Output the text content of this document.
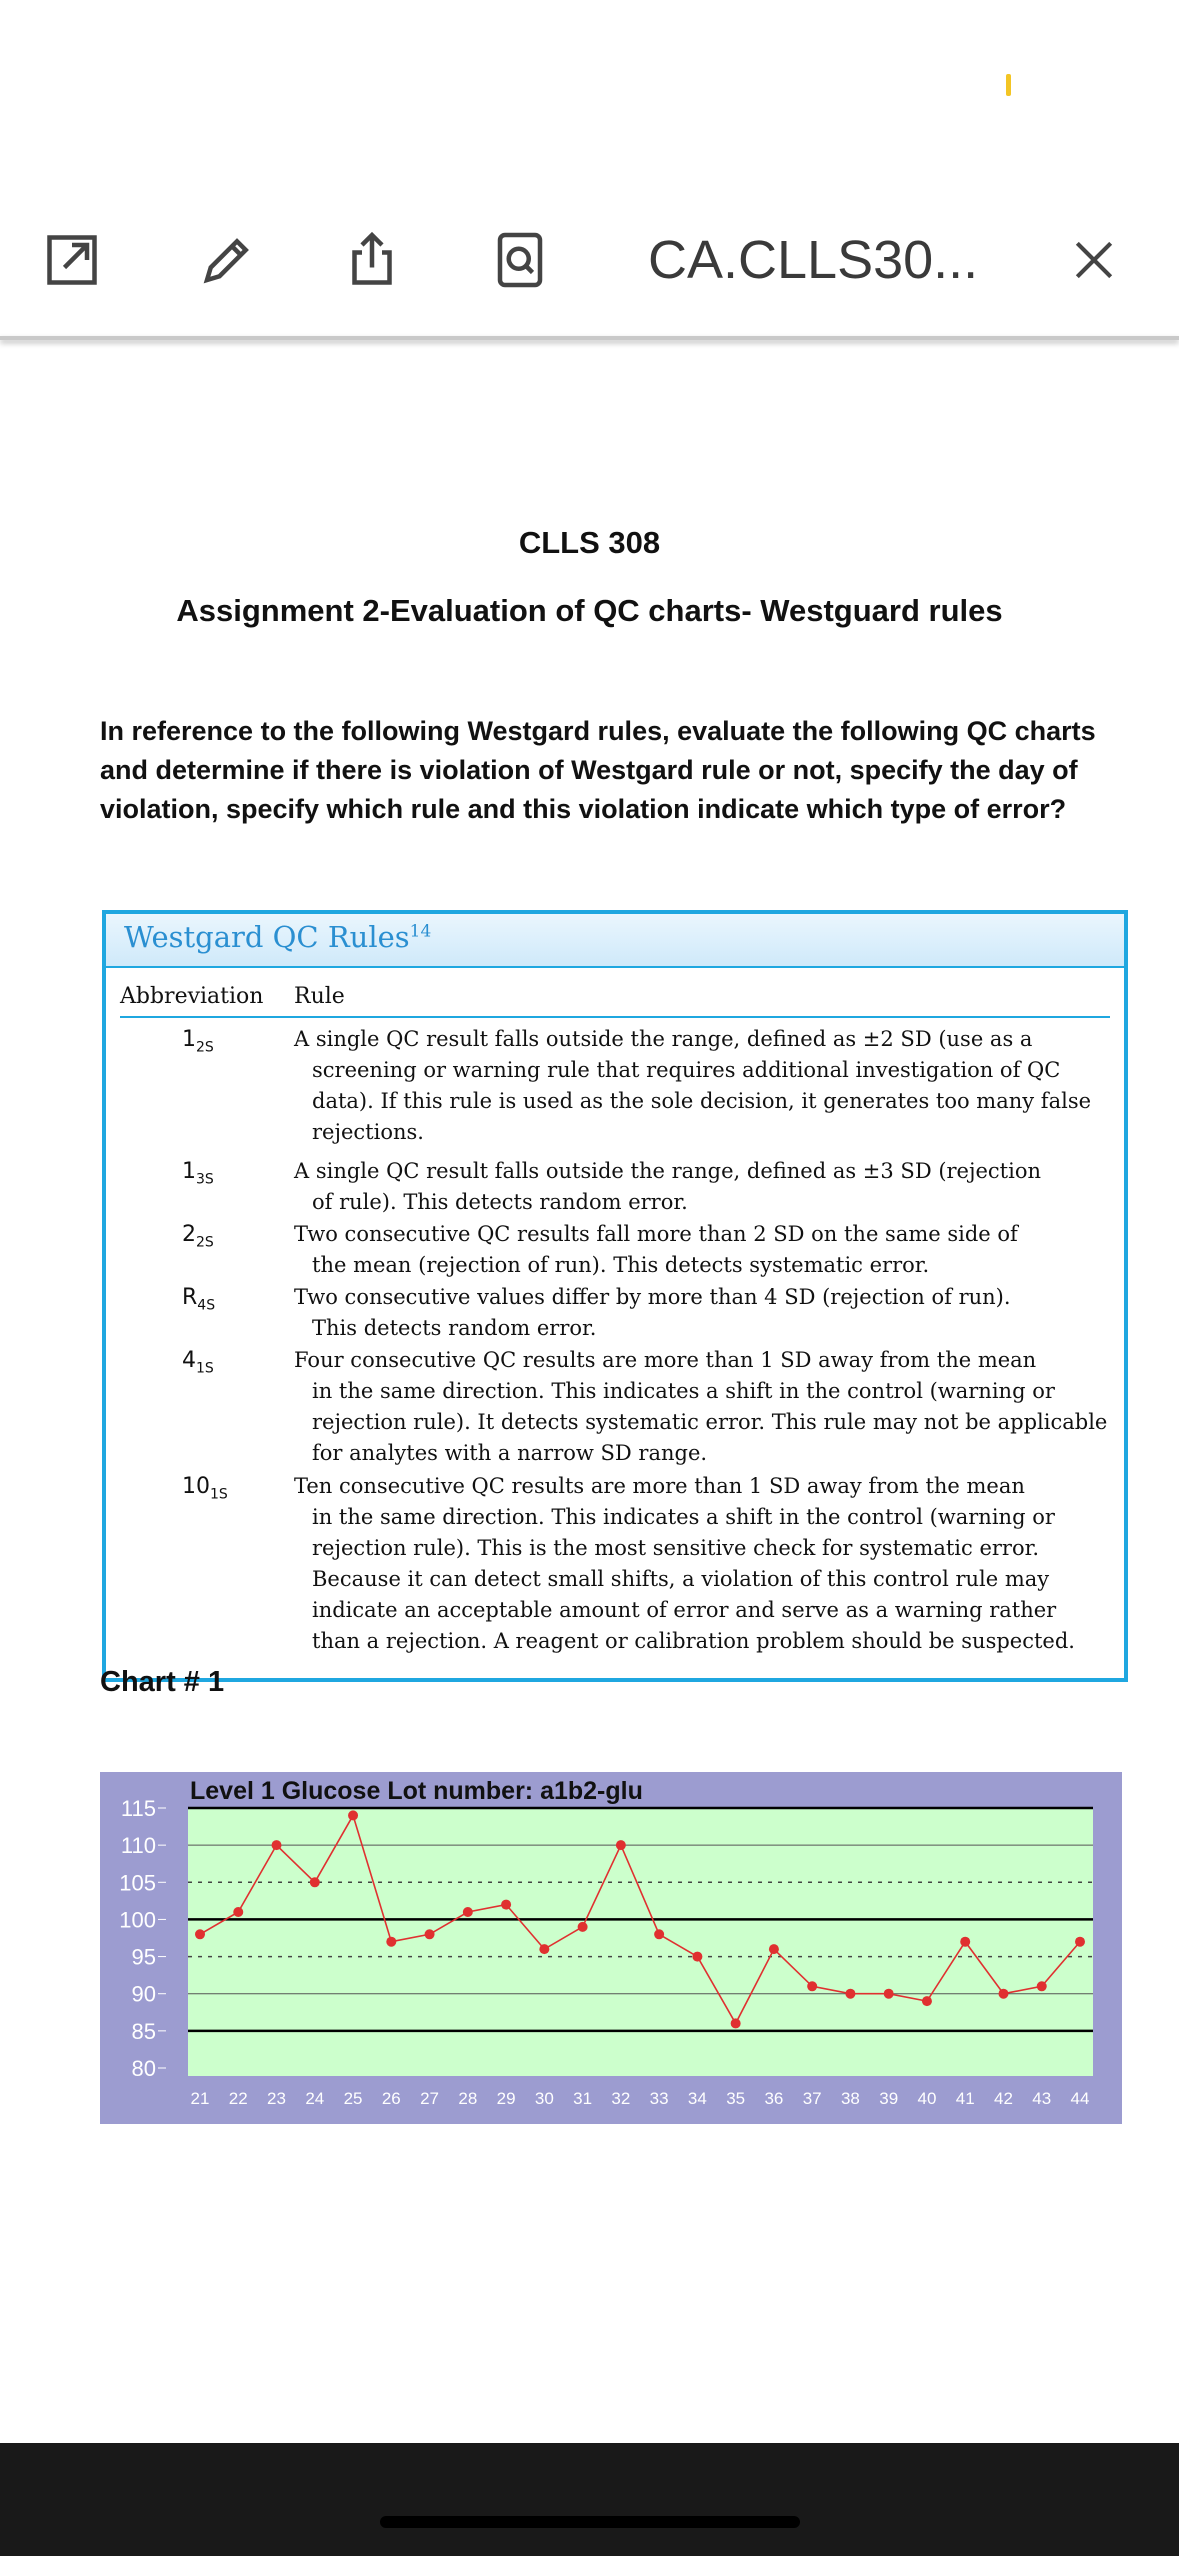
CA.CLLS30...
CLLS 308
Assignment 2-Evaluation of QC charts- Westguard rules
In reference to the following Westgard rules, evaluate the following QC charts and determine if there is violation of Westgard rule or not, specify the day of violation, specify which rule and this violation indicate which type of error?
Westgard QC Rules$^{14}$
Abbreviation Rule
$1_{2S}$	A single QC result falls outside the range, defined as ±2 SD (use as a
screening or warning rule that requires additional investigation of QC data). If this rule is used as the sole decision, it generates too many false rejections.
$1_{3S}$	A single QC result falls outside the range, defined as ±3 SD (rejection
of rule). This detects random error.
$2_{2S}$	Two consecutive QC results fall more than 2 SD on the same side of
the mean (rejection of run). This detects systematic error.
$R_{4S}$	Two consecutive values differ by more than 4 SD (rejection of run).
This detects random error.
$4_{1S}$	Four consecutive QC results are more than 1 SD away from the mean
in the same direction. This indicates a shift in the control (warning or rejection rule). It detects systematic error. This rule may not be applicable for analytes with a narrow SD range.
$10_{1S}$	Ten consecutive QC results are more than 1 SD away from the mean
in the same direction. This indicates a shift in the control (warning or rejection rule). This is the most sensitive check for systematic error. Because it can detect small shifts, a violation of this control rule may indicate an acceptable amount of error and serve as a warning rather than a rejection. A reagent or calibration problem should be suspected.
Chart # 1
Level 1 Glucose Lot number: a1b2-glu
115
110
105
100
95
90
85
80
21 22 23 24 25 26 27 28 29 30 31 32 33 34 35 36 37 38 39 40 41 42 43 44
